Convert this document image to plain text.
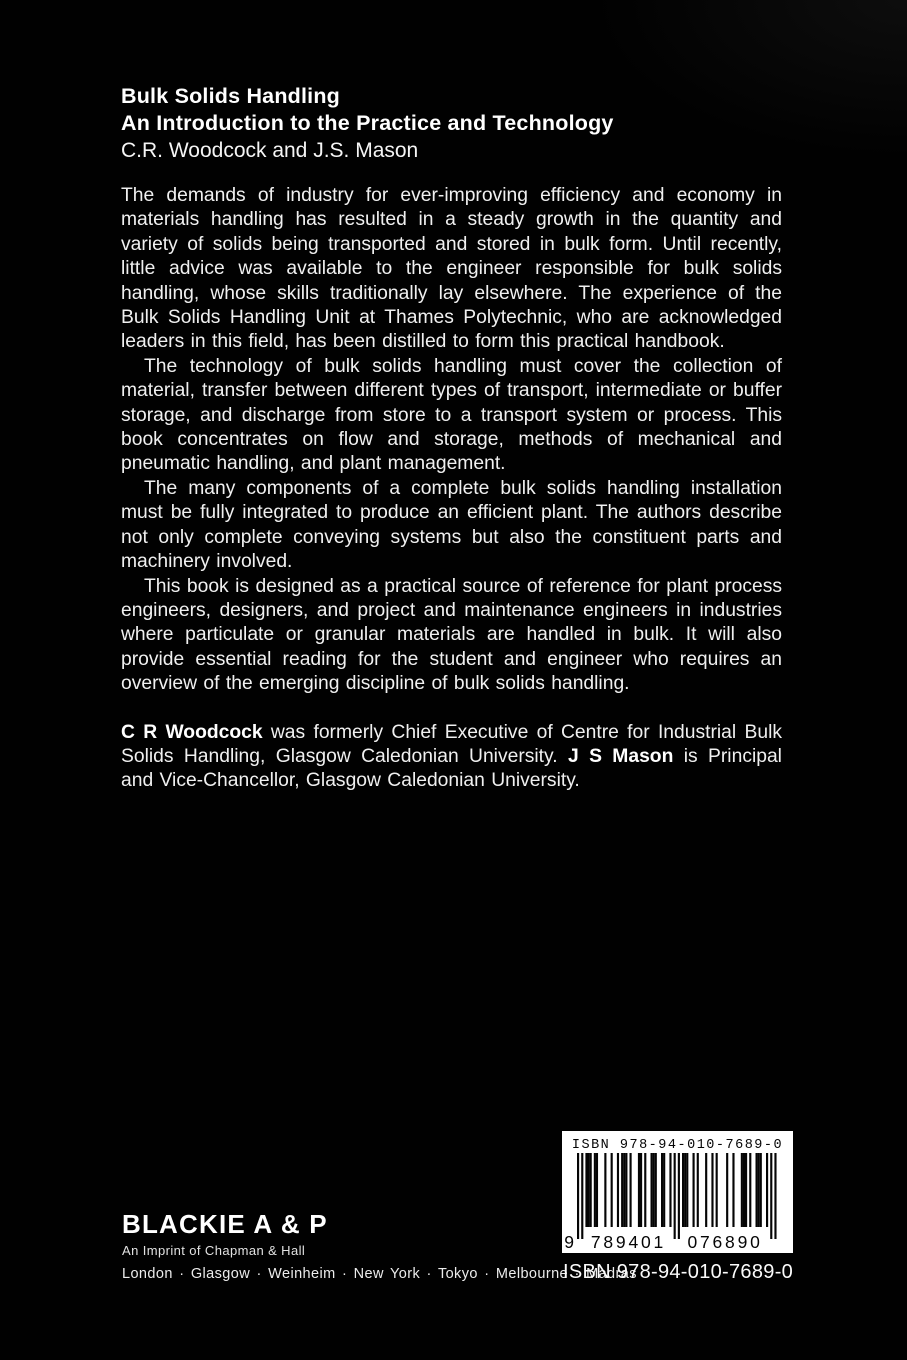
Bulk Solids Handling
An Introduction to the Practice and Technology
C.R. Woodcock and J.S. Mason

The demands of industry for ever-improving efficiency and economy in materials handling has resulted in a steady growth in the quantity and variety of solids being transported and stored in bulk form. Until recently, little advice was available to the engineer responsible for bulk solids handling, whose skills traditionally lay elsewhere. The experience of the Bulk Solids Handling Unit at Thames Polytechnic, who are acknowledged leaders in this field, has been distilled to form this practical handbook.

The technology of bulk solids handling must cover the collection of material, transfer between different types of transport, intermediate or buffer storage, and discharge from store to a transport system or process. This book concentrates on flow and storage, methods of mechanical and pneumatic handling, and plant management.

The many components of a complete bulk solids handling installation must be fully integrated to produce an efficient plant. The authors describe not only complete conveying systems but also the constituent parts and machinery involved.

This book is designed as a practical source of reference for plant process engineers, designers, and project and maintenance engineers in industries where particulate or granular materials are handled in bulk. It will also provide essential reading for the student and engineer who requires an overview of the emerging discipline of bulk solids handling.

C R Woodcock was formerly Chief Executive of Centre for Industrial Bulk Solids Handling, Glasgow Caledonian University. J S Mason is Principal and Vice-Chancellor, Glasgow Caledonian University.

BLACKIE A & P
An Imprint of Chapman & Hall
London · Glasgow · Weinheim · New York · Tokyo · Melbourne · Madras
ISBN 978-94-010-7689-0
9 789401 076890
ISBN 978-94-010-7689-0
